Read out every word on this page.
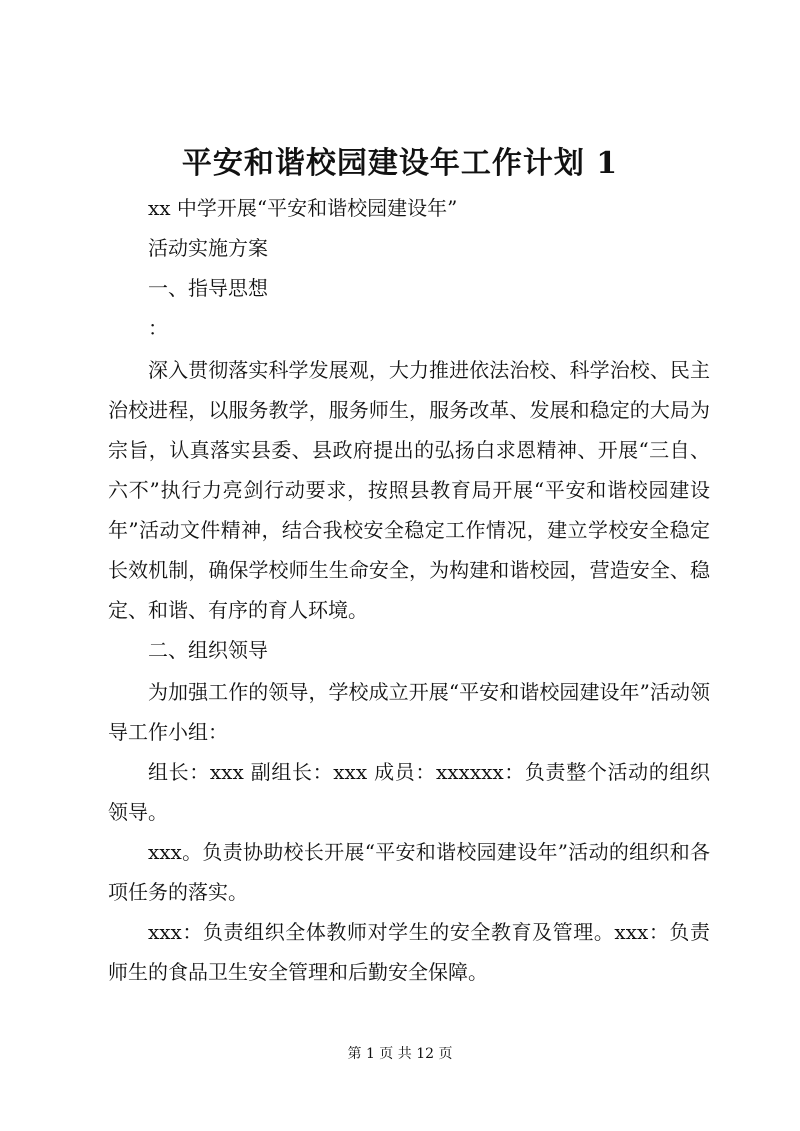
平安和谐校园建设年工作计划 1
xx 中学开展“平安和谐校园建设年”
活动实施方案
一、指导思想
：
深入贯彻落实科学发展观，大力推进依法治校、科学治校、民主治校进程，以服务教学，服务师生，服务改革、发展和稳定的大局为宗旨，认真落实县委、县政府提出的弘扬白求恩精神、开展“三自、六不”执行力亮剑行动要求，按照县教育局开展“平安和谐校园建设年”活动文件精神，结合我校安全稳定工作情况，建立学校安全稳定长效机制，确保学校师生生命安全，为构建和谐校园，营造安全、稳定、和谐、有序的育人环境。
二、组织领导
为加强工作的领导，学校成立开展“平安和谐校园建设年”活动领导工作小组：
组长：xxx 副组长：xxx 成员：xxxxxx：负责整个活动的组织领导。
xxx。负责协助校长开展“平安和谐校园建设年”活动的组织和各项任务的落实。
xxx：负责组织全体教师对学生的安全教育及管理。xxx：负责师生的食品卫生安全管理和后勤安全保障。
第 1 页 共 12 页
